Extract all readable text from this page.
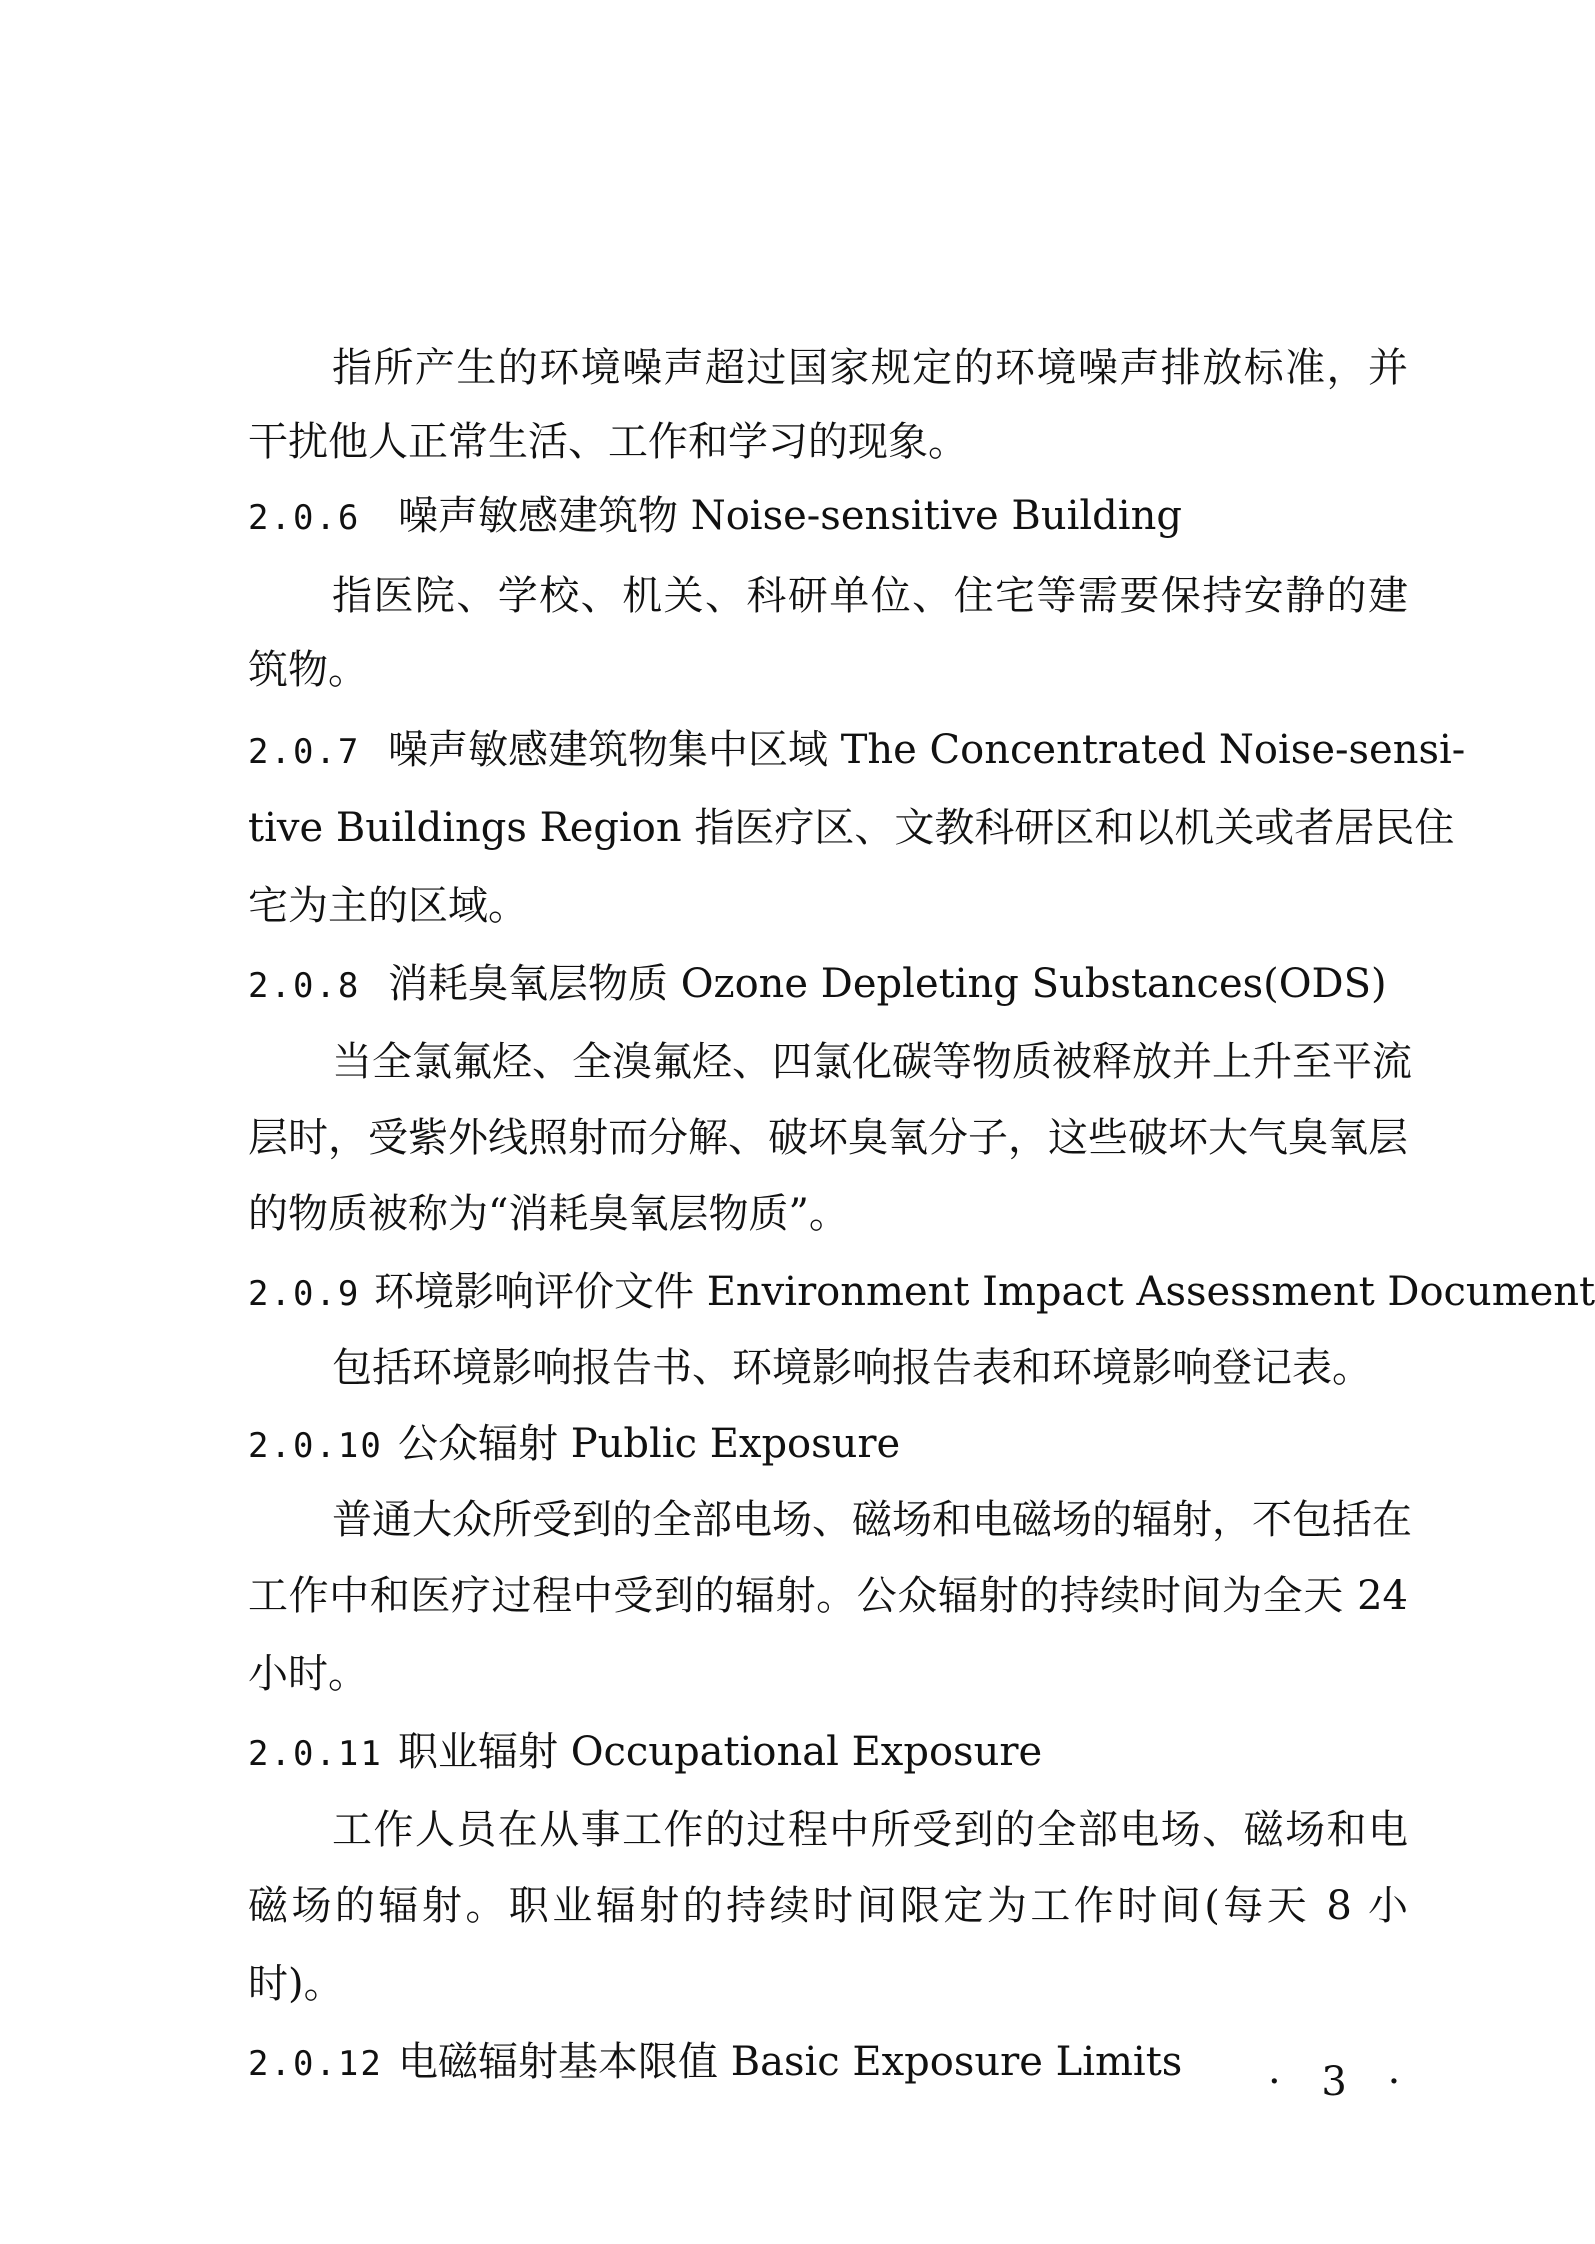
指所产生的环境噪声超过国家规定的环境噪声排放标准，并
干扰他人正常生活、工作和学习的现象。
2.0.6 噪声敏感建筑物 Noise-sensitive Building
指医院、学校、机关、科研单位、住宅等需要保持安静的建
筑物。
2.0.7 噪声敏感建筑物集中区域 The Concentrated Noise-sensi-
tive Buildings Region 指医疗区、文教科研区和以机关或者居民住
宅为主的区域。
2.0.8 消耗臭氧层物质 Ozone Depleting Substances(ODS)
当全氯氟烃、全溴氟烃、四氯化碳等物质被释放并上升至平流
层时，受紫外线照射而分解、破坏臭氧分子，这些破坏大气臭氧层
的物质被称为“消耗臭氧层物质”。
2.0.9 环境影响评价文件 Environment Impact Assessment Document
包括环境影响报告书、环境影响报告表和环境影响登记表。
2.0.10 公众辐射 Public Exposure
普通大众所受到的全部电场、磁场和电磁场的辐射，不包括在
工作中和医疗过程中受到的辐射。公众辐射的持续时间为全天 24
小时。
2.0.11 职业辐射 Occupational Exposure
工作人员在从事工作的过程中所受到的全部电场、磁场和电
磁场的辐射。职业辐射的持续时间限定为工作时间(每天 8 小
时)。
2.0.12 电磁辐射基本限值 Basic Exposure Limits	· 3 ·
